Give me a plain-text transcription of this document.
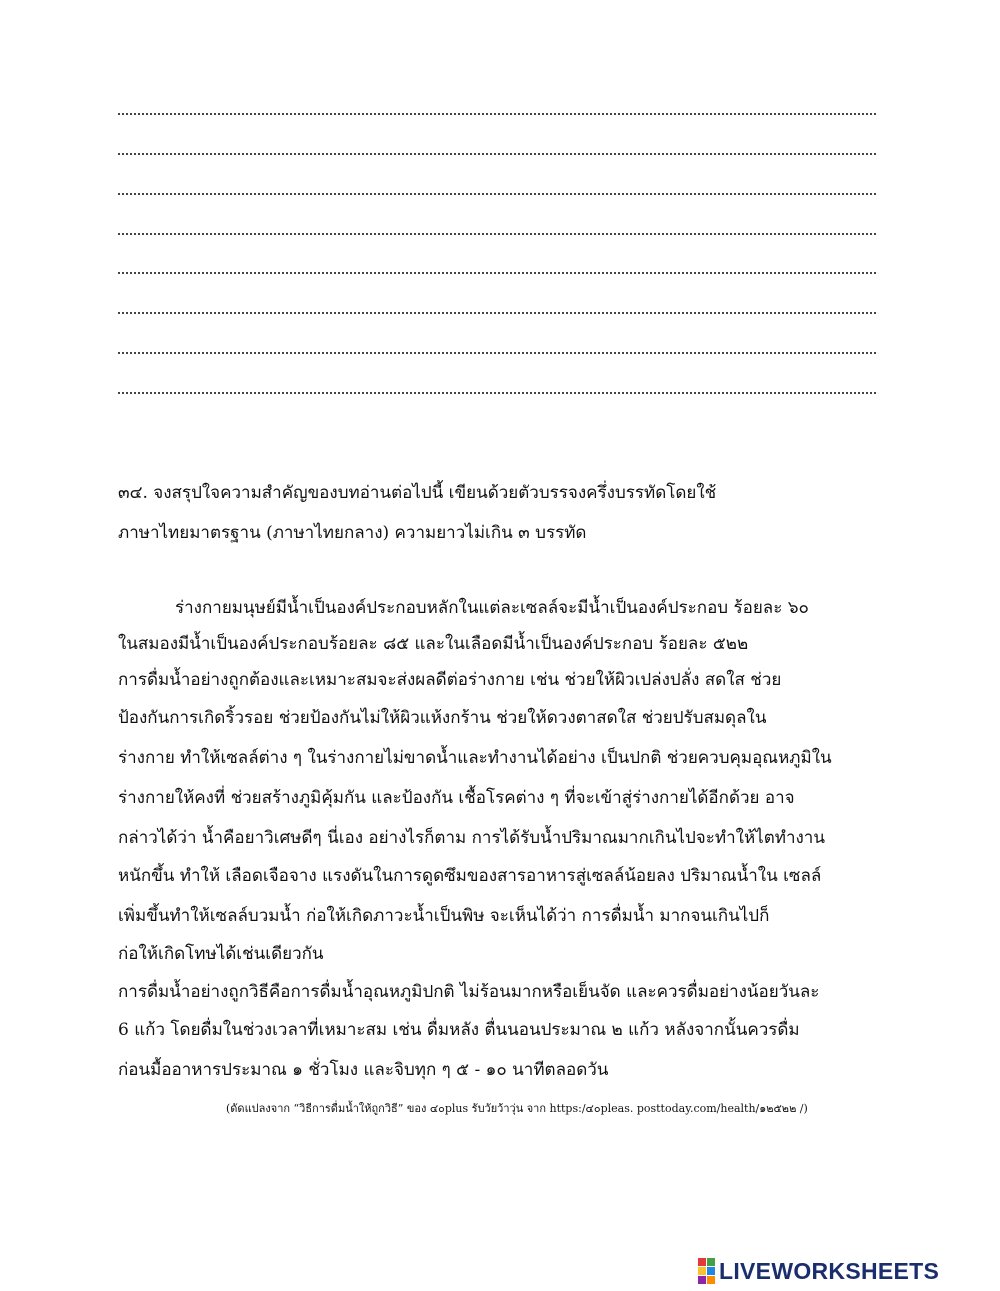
๓๔. จงสรุปใจความสำคัญของบทอ่านต่อไปนี้ เขียนด้วยตัวบรรจงครึ่งบรรทัดโดยใช้
ภาษาไทยมาตรฐาน (ภาษาไทยกลาง) ความยาวไม่เกิน ๓ บรรทัด
ร่างกายมนุษย์มีน้ำเป็นองค์ประกอบหลักในแต่ละเซลล์จะมีน้ำเป็นองค์ประกอบ ร้อยละ ๖๐
ในสมองมีน้ำเป็นองค์ประกอบร้อยละ ๘๕ และในเลือดมีน้ำเป็นองค์ประกอบ ร้อยละ ๕๒๒
การดื่มน้ำอย่างถูกต้องและเหมาะสมจะส่งผลดีต่อร่างกาย เช่น ช่วยให้ผิวเปล่งปลั่ง สดใส ช่วย
ป้องกันการเกิดริ้วรอย ช่วยป้องกันไม่ให้ผิวแห้งกร้าน ช่วยให้ดวงตาสดใส ช่วยปรับสมดุลใน
ร่างกาย ทำให้เซลล์ต่าง ๆ ในร่างกายไม่ขาดน้ำและทำงานได้อย่าง เป็นปกติ ช่วยควบคุมอุณหภูมิใน
ร่างกายให้คงที่ ช่วยสร้างภูมิคุ้มกัน และป้องกัน เชื้อโรคต่าง ๆ ที่จะเข้าสู่ร่างกายได้อีกด้วย อาจ
กล่าวได้ว่า น้ำคือยาวิเศษดีๆ นี่เอง อย่างไรก็ตาม การได้รับน้ำปริมาณมากเกินไปจะทำให้ไตทำงาน
หนักขึ้น ทำให้ เลือดเจือจาง แรงดันในการดูดซึมของสารอาหารสู่เซลล์น้อยลง ปริมาณน้ำใน เซลล์
เพิ่มขึ้นทำให้เซลล์บวมน้ำ ก่อให้เกิดภาวะน้ำเป็นพิษ จะเห็นได้ว่า การดื่มน้ำ มากจนเกินไปก็
ก่อให้เกิดโทษได้เช่นเดียวกัน
การดื่มน้ำอย่างถูกวิธีคือการดื่มน้ำอุณหภูมิปกติ ไม่ร้อนมากหรือเย็นจัด และควรดื่มอย่างน้อยวันละ
6 แก้ว โดยดื่มในช่วงเวลาที่เหมาะสม เช่น ดื่มหลัง ตื่นนอนประมาณ ๒ แก้ว หลังจากนั้นควรดื่ม
ก่อนมื้ออาหารประมาณ ๑ ชั่วโมง และจิบทุก ๆ ๕ - ๑๐ นาทีตลอดวัน
(ดัดแปลงจาก “วิธีการดื่มน้ำให้ถูกวิธี” ของ ๔๐plus รับวัยว้าวุ่น จาก https:/๔๐pleas. posttoday.com/health/๑๒๕๒๒ /)
LIVEWORKSHEETS
